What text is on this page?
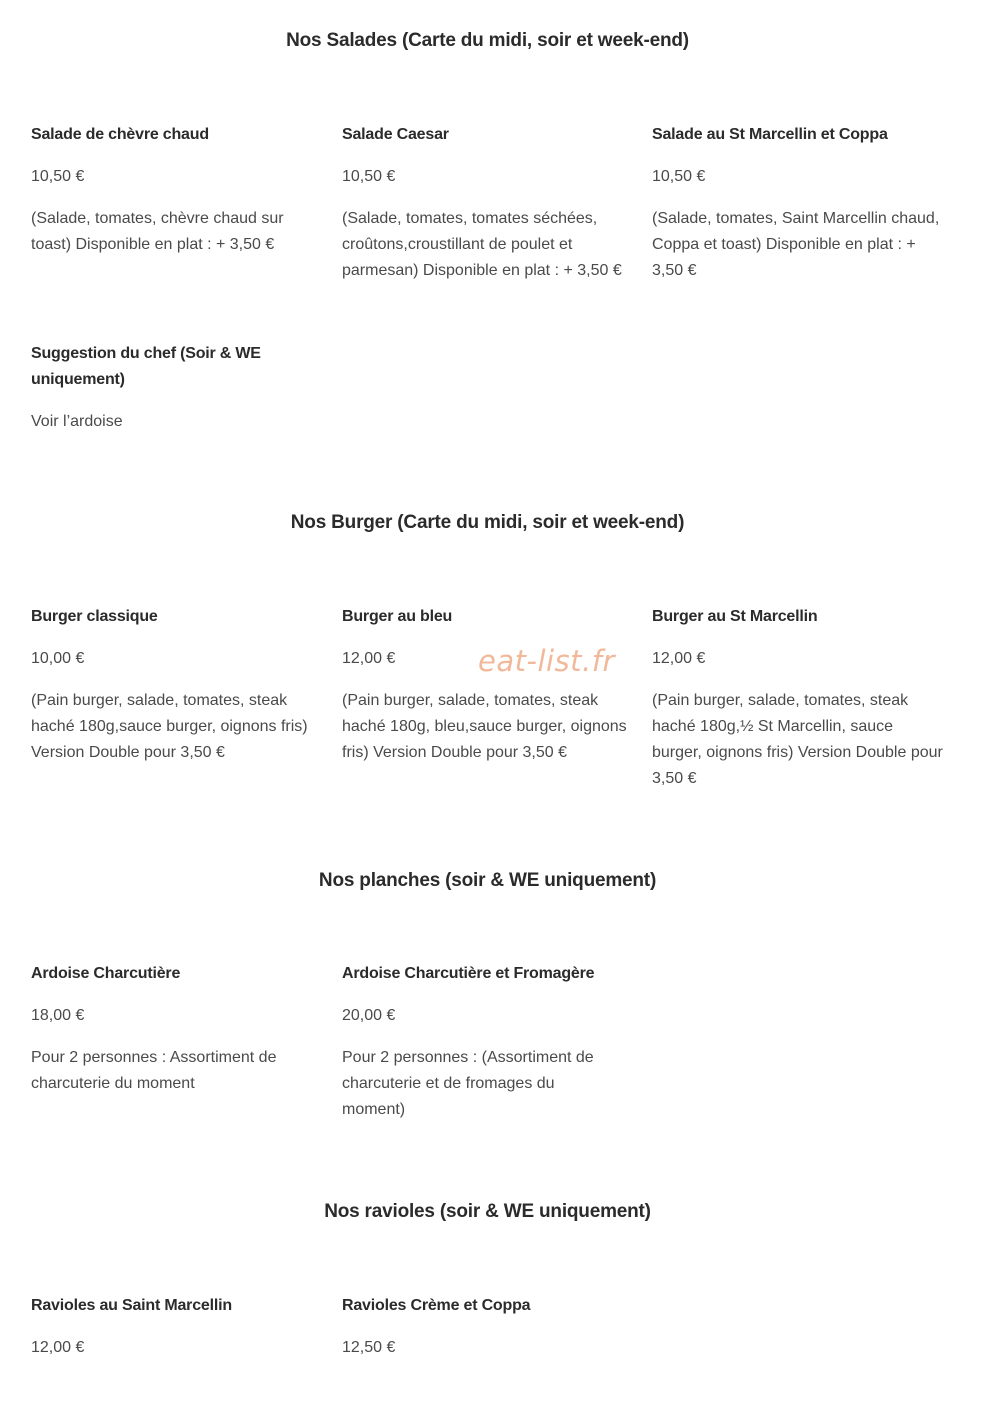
Nos Salades (Carte du midi, soir et week-end)

Salade de chèvre chaud

10,50 €

(Salade, tomates, chèvre chaud sur toast) Disponible en plat : + 3,50 €

Salade Caesar

10,50 €

(Salade, tomates, tomates séchées, croûtons,croustillant de poulet et parmesan) Disponible en plat : + 3,50 €

Salade au St Marcellin et Coppa

10,50 €

(Salade, tomates, Saint Marcellin chaud, Coppa et toast) Disponible en plat : + 3,50 €

Suggestion du chef (Soir & WE uniquement)

Voir l’ardoise

Nos Burger (Carte du midi, soir et week-end)

Burger classique

10,00 €

(Pain burger, salade, tomates, steak haché 180g,sauce burger, oignons fris) Version Double pour 3,50 €

Burger au bleu

12,00 €

(Pain burger, salade, tomates, steak haché 180g, bleu,sauce burger, oignons fris) Version Double pour 3,50 €

Burger au St Marcellin

12,00 €

(Pain burger, salade, tomates, steak haché 180g,½ St Marcellin, sauce burger, oignons fris) Version Double pour 3,50 €

Nos planches (soir & WE uniquement)

Ardoise Charcutière

18,00 €

Pour 2 personnes : Assortiment de charcuterie du moment

Ardoise Charcutière et Fromagère

20,00 €

Pour 2 personnes : (Assortiment de charcuterie et de fromages du moment)

Nos ravioles (soir & WE uniquement)

Ravioles au Saint Marcellin

12,00 €

Ravioles Crème et Coppa

12,50 €

eat-list.fr
